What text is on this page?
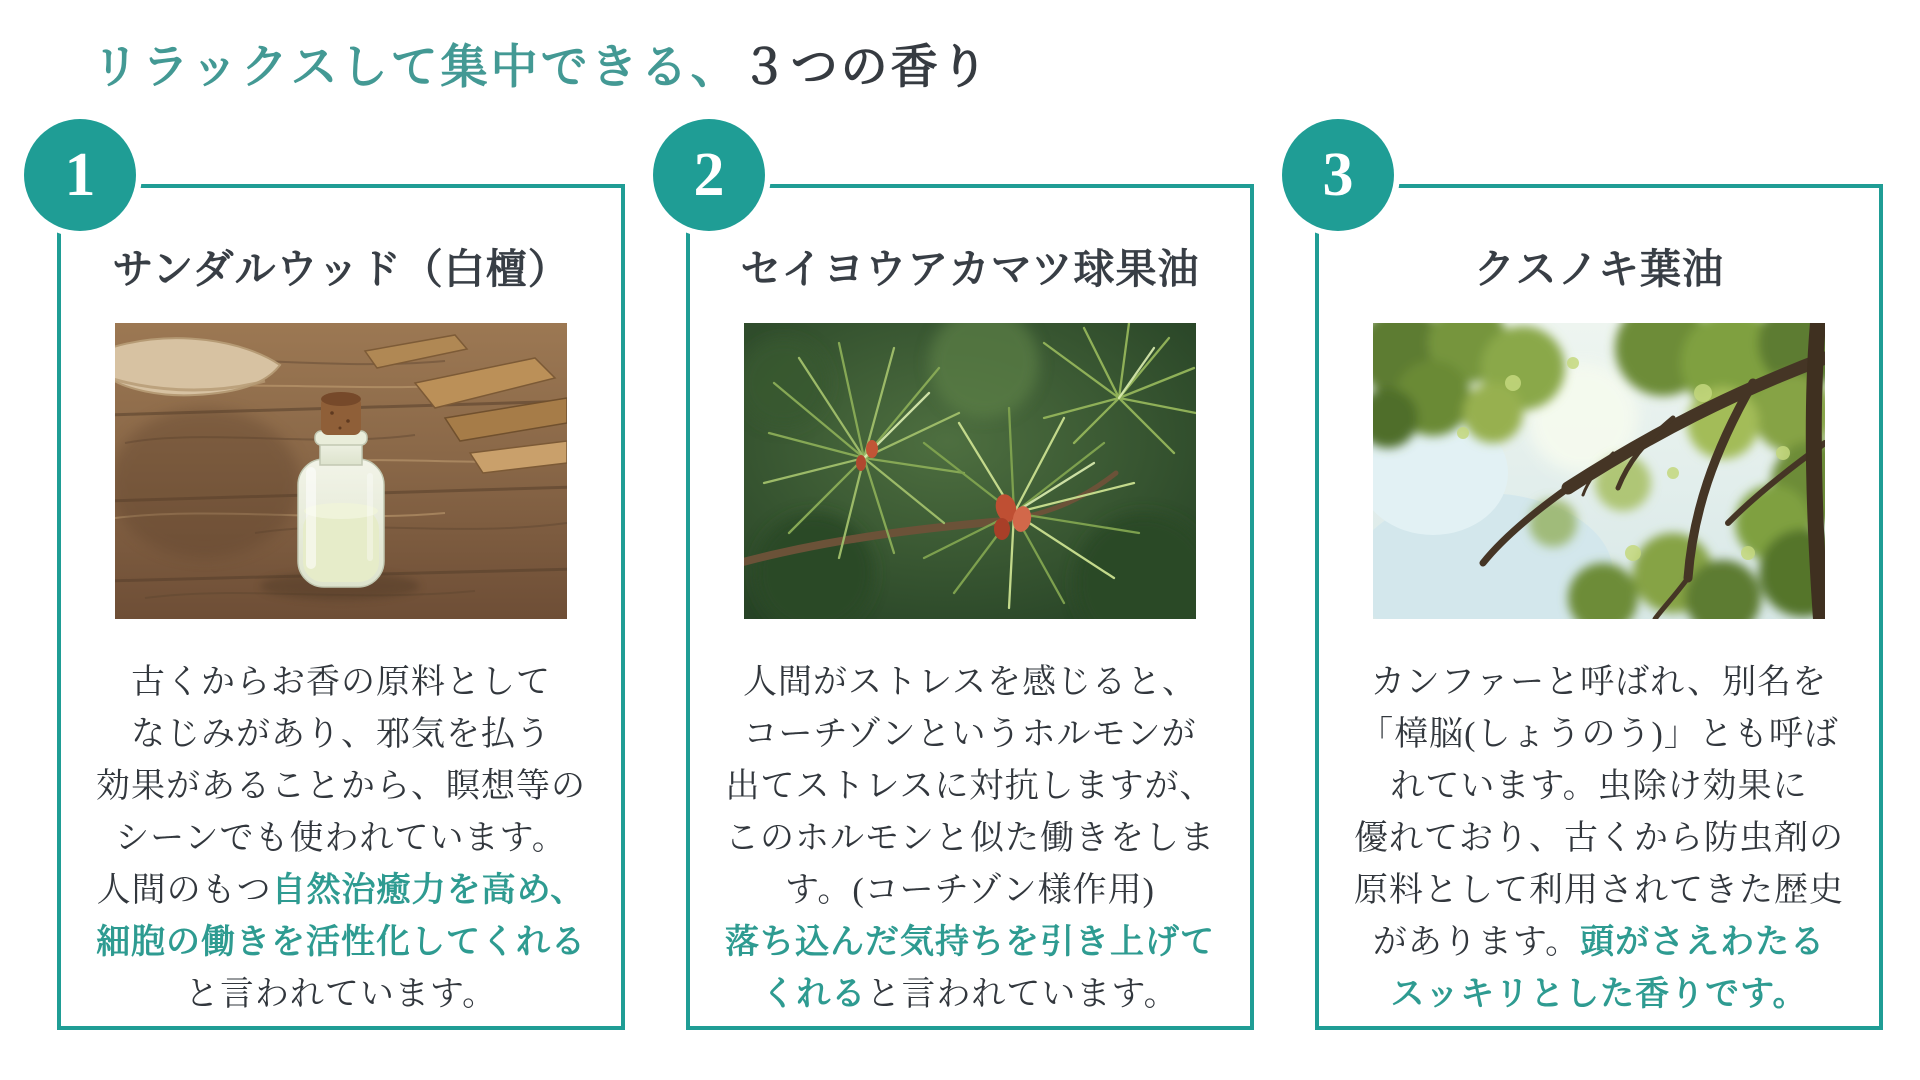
リラックスして集中できる、３つの香り
1
サンダルウッド（白檀）

古くからお香の原料として
なじみがあり、邪気を払う
効果があることから、瞑想等の
シーンでも使われています。
人間のもつ自然治癒力を高め、
細胞の働きを活性化してくれる
と言われています。

2
セイヨウアカマツ球果油

人間がストレスを感じると、
コーチゾンというホルモンが
出てストレスに対抗しますが、
このホルモンと似た働きをしま
す。(コーチゾン様作用)
落ち込んだ気持ちを引き上げて
くれると言われています。

3
クスノキ葉油

カンファーと呼ばれ、別名を
「樟脳(しょうのう)」とも呼ば
れています。虫除け効果に
優れており、古くから防虫剤の
原料として利用されてきた歴史
があります。頭がさえわたる
スッキリとした香りです。
